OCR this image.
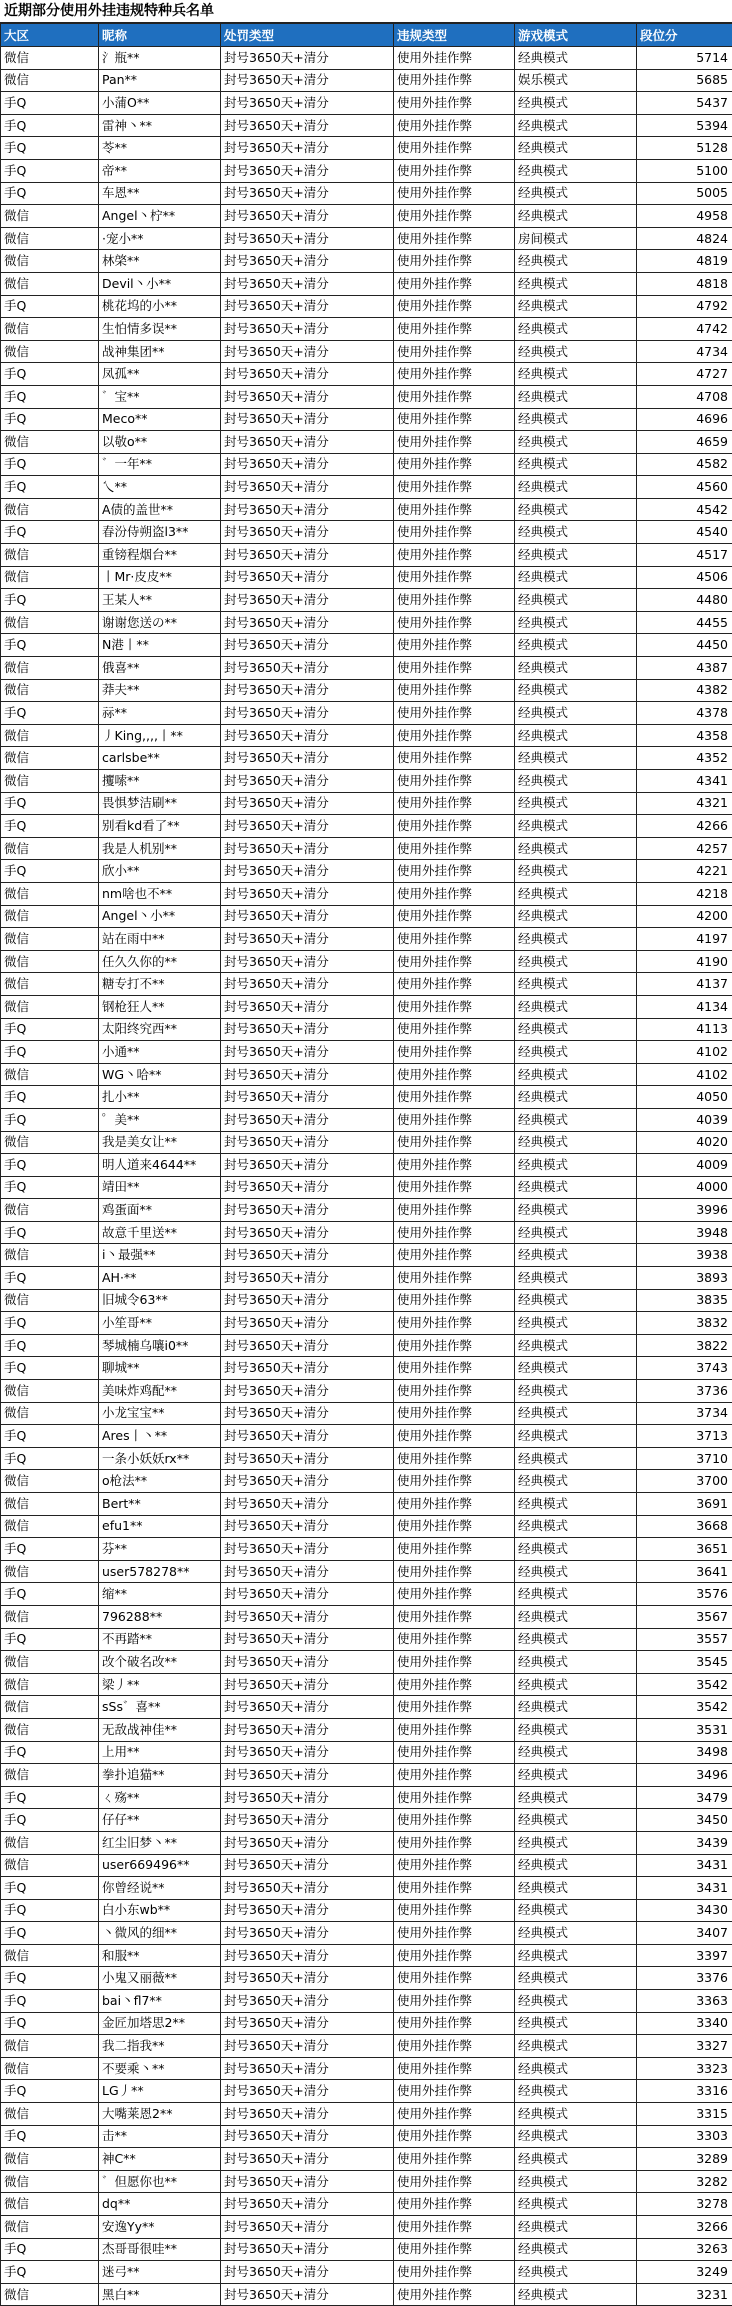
近期部分使用外挂违规特种兵名单
大区	昵称	处罚类型	违规类型	游戏模式	段位分
微信	氵瓶**	封号3650天+清分	使用外挂作弊	经典模式	5714
微信	Pan**	封号3650天+清分	使用外挂作弊	娱乐模式	5685
手Q	小蒲O**	封号3650天+清分	使用外挂作弊	经典模式	5437
手Q	雷神丶**	封号3650天+清分	使用外挂作弊	经典模式	5394
手Q	苓**	封号3650天+清分	使用外挂作弊	经典模式	5128
手Q	帝**	封号3650天+清分	使用外挂作弊	经典模式	5100
手Q	车恩**	封号3650天+清分	使用外挂作弊	经典模式	5005
微信	Angel丶柠**	封号3650天+清分	使用外挂作弊	经典模式	4958
微信	·宠小**	封号3650天+清分	使用外挂作弊	房间模式	4824
微信	林棨**	封号3650天+清分	使用外挂作弊	经典模式	4819
微信	Devil丶小**	封号3650天+清分	使用外挂作弊	经典模式	4818
手Q	桃花坞的小**	封号3650天+清分	使用外挂作弊	经典模式	4792
微信	生怕情多误**	封号3650天+清分	使用外挂作弊	经典模式	4742
微信	战神集团**	封号3650天+清分	使用外挂作弊	经典模式	4734
手Q	凤孤**	封号3650天+清分	使用外挂作弊	经典模式	4727
手Q	゛宝**	封号3650天+清分	使用外挂作弊	经典模式	4708
手Q	Meco**	封号3650天+清分	使用外挂作弊	经典模式	4696
微信	以敬o**	封号3650天+清分	使用外挂作弊	经典模式	4659
手Q	゛一年**	封号3650天+清分	使用外挂作弊	经典模式	4582
手Q	乀**	封号3650天+清分	使用外挂作弊	经典模式	4560
微信	A债的盖世**	封号3650天+清分	使用外挂作弊	经典模式	4542
手Q	春汾侍朔盗l3**	封号3650天+清分	使用外挂作弊	经典模式	4540
微信	重镑程烟台**	封号3650天+清分	使用外挂作弊	经典模式	4517
微信	丨Mr·皮皮**	封号3650天+清分	使用外挂作弊	经典模式	4506
手Q	王某人**	封号3650天+清分	使用外挂作弊	经典模式	4480
微信	谢谢您送の**	封号3650天+清分	使用外挂作弊	经典模式	4455
手Q	N港丨**	封号3650天+清分	使用外挂作弊	经典模式	4450
微信	俄喜**	封号3650天+清分	使用外挂作弊	经典模式	4387
微信	莽夫**	封号3650天+清分	使用外挂作弊	经典模式	4382
手Q	祘**	封号3650天+清分	使用外挂作弊	经典模式	4378
微信	丿King,,,,丨**	封号3650天+清分	使用外挂作弊	经典模式	4358
微信	carlsbe**	封号3650天+清分	使用外挂作弊	经典模式	4352
微信	攫嗦**	封号3650天+清分	使用外挂作弊	经典模式	4341
手Q	畏惧梦洁刷**	封号3650天+清分	使用外挂作弊	经典模式	4321
手Q	别看kd看了**	封号3650天+清分	使用外挂作弊	经典模式	4266
微信	我是人机别**	封号3650天+清分	使用外挂作弊	经典模式	4257
手Q	欣小**	封号3650天+清分	使用外挂作弊	经典模式	4221
微信	nm啥也不**	封号3650天+清分	使用外挂作弊	经典模式	4218
微信	Angel丶小**	封号3650天+清分	使用外挂作弊	经典模式	4200
微信	站在雨中**	封号3650天+清分	使用外挂作弊	经典模式	4197
微信	任久久你的**	封号3650天+清分	使用外挂作弊	经典模式	4190
微信	糖专打不**	封号3650天+清分	使用外挂作弊	经典模式	4137
微信	钢枪狂人**	封号3650天+清分	使用外挂作弊	经典模式	4134
手Q	太阳终究西**	封号3650天+清分	使用外挂作弊	经典模式	4113
手Q	小通**	封号3650天+清分	使用外挂作弊	经典模式	4102
微信	WG丶哈**	封号3650天+清分	使用外挂作弊	经典模式	4102
手Q	扎小**	封号3650天+清分	使用外挂作弊	经典模式	4050
手Q	゜美**	封号3650天+清分	使用外挂作弊	经典模式	4039
微信	我是美女让**	封号3650天+清分	使用外挂作弊	经典模式	4020
手Q	明人道来4644**	封号3650天+清分	使用外挂作弊	经典模式	4009
手Q	靖田**	封号3650天+清分	使用外挂作弊	经典模式	4000
微信	鸡蛋面**	封号3650天+清分	使用外挂作弊	经典模式	3996
手Q	故意千里送**	封号3650天+清分	使用外挂作弊	经典模式	3948
微信	i丶最强**	封号3650天+清分	使用外挂作弊	经典模式	3938
手Q	AH·**	封号3650天+清分	使用外挂作弊	经典模式	3893
微信	旧城令63**	封号3650天+清分	使用外挂作弊	经典模式	3835
手Q	小笙哥**	封号3650天+清分	使用外挂作弊	经典模式	3832
手Q	琴城楠乌嚷i0**	封号3650天+清分	使用外挂作弊	经典模式	3822
手Q	聊城**	封号3650天+清分	使用外挂作弊	经典模式	3743
微信	美味炸鸡配**	封号3650天+清分	使用外挂作弊	经典模式	3736
微信	小龙宝宝**	封号3650天+清分	使用外挂作弊	经典模式	3734
手Q	Ares丨丶**	封号3650天+清分	使用外挂作弊	经典模式	3713
手Q	一条小妖妖rx**	封号3650天+清分	使用外挂作弊	经典模式	3710
微信	o枪法**	封号3650天+清分	使用外挂作弊	经典模式	3700
微信	Bert**	封号3650天+清分	使用外挂作弊	经典模式	3691
微信	efu1**	封号3650天+清分	使用外挂作弊	经典模式	3668
手Q	芬**	封号3650天+清分	使用外挂作弊	经典模式	3651
微信	user578278**	封号3650天+清分	使用外挂作弊	经典模式	3641
手Q	缩**	封号3650天+清分	使用外挂作弊	经典模式	3576
微信	796288**	封号3650天+清分	使用外挂作弊	经典模式	3567
手Q	不再踏**	封号3650天+清分	使用外挂作弊	经典模式	3557
微信	改个破名改**	封号3650天+清分	使用外挂作弊	经典模式	3545
微信	梁丿**	封号3650天+清分	使用外挂作弊	经典模式	3542
微信	sSs゛喜**	封号3650天+清分	使用外挂作弊	经典模式	3542
微信	无敌战神佳**	封号3650天+清分	使用外挂作弊	经典模式	3531
手Q	上用**	封号3650天+清分	使用外挂作弊	经典模式	3498
微信	拳扑追猫**	封号3650天+清分	使用外挂作弊	经典模式	3496
手Q	ㄑ殇**	封号3650天+清分	使用外挂作弊	经典模式	3479
手Q	仔仔**	封号3650天+清分	使用外挂作弊	经典模式	3450
微信	红尘旧梦丶**	封号3650天+清分	使用外挂作弊	经典模式	3439
微信	user669496**	封号3650天+清分	使用外挂作弊	经典模式	3431
手Q	你曾经说**	封号3650天+清分	使用外挂作弊	经典模式	3431
手Q	白小东wb**	封号3650天+清分	使用外挂作弊	经典模式	3430
手Q	丶微风的细**	封号3650天+清分	使用外挂作弊	经典模式	3407
微信	和服**	封号3650天+清分	使用外挂作弊	经典模式	3397
手Q	小鬼又丽薇**	封号3650天+清分	使用外挂作弊	经典模式	3376
手Q	bai丶fl7**	封号3650天+清分	使用外挂作弊	经典模式	3363
手Q	金匠加塔思2**	封号3650天+清分	使用外挂作弊	经典模式	3340
微信	我二指我**	封号3650天+清分	使用外挂作弊	经典模式	3327
微信	不要乘丶**	封号3650天+清分	使用外挂作弊	经典模式	3323
手Q	LG丿**	封号3650天+清分	使用外挂作弊	经典模式	3316
微信	大嘴莱恩2**	封号3650天+清分	使用外挂作弊	经典模式	3315
手Q	击**	封号3650天+清分	使用外挂作弊	经典模式	3303
微信	神C**	封号3650天+清分	使用外挂作弊	经典模式	3289
微信	゛但愿你也**	封号3650天+清分	使用外挂作弊	经典模式	3282
微信	dq**	封号3650天+清分	使用外挂作弊	经典模式	3278
微信	安逸Yy**	封号3650天+清分	使用外挂作弊	经典模式	3266
手Q	杰哥哥很哇**	封号3650天+清分	使用外挂作弊	经典模式	3263
手Q	迷弓**	封号3650天+清分	使用外挂作弊	经典模式	3249
微信	黑白**	封号3650天+清分	使用外挂作弊	经典模式	3231
